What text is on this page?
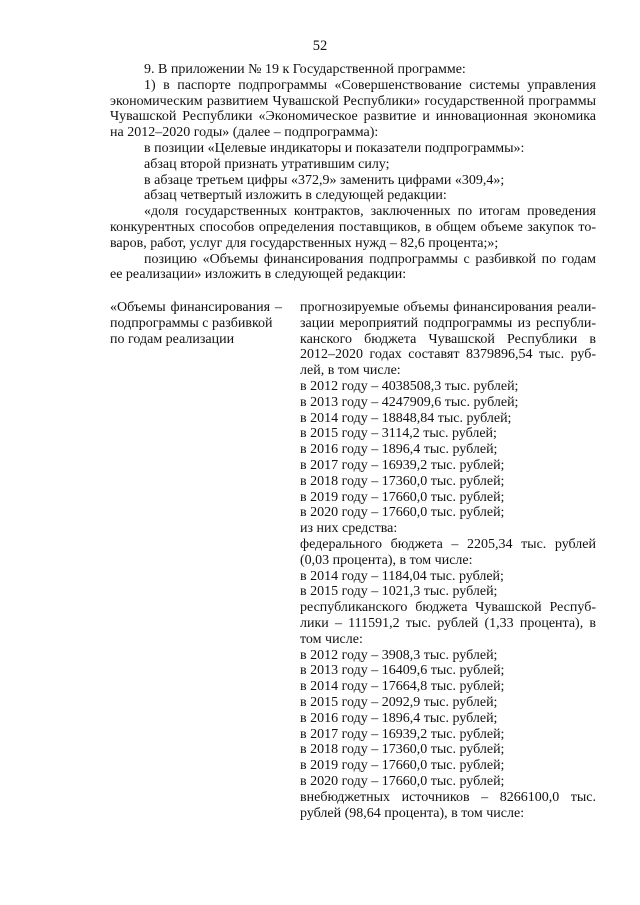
52

9. В приложении № 19 к Государственной программе:

1) в паспорте подпрограммы «Совершенствование системы управления

экономическим развитием Чувашской Республики» государственной программы

Чувашской Республики «Экономическое развитие и инновационная экономика

на 2012–2020 годы» (далее – подпрограмма):

в позиции «Целевые индикаторы и показатели подпрограммы»:

абзац второй признать утратившим силу;

в абзаце третьем цифры «372,9» заменить цифрами «309,4»;

абзац четвертый изложить в следующей редакции:

«доля государственных контрактов, заключенных по итогам проведения

конкурентных способов определения поставщиков, в общем объеме закупок то-

варов, работ, услуг для государственных нужд – 82,6 процента;»;

позицию «Объемы финансирования подпрограммы с разбивкой по годам

ее реализации» изложить в следующей редакции:

«Объемы финансирования –
подпрограммы с разбивкой
по годам реализации
прогнозируемые объемы финансирования реали-
зации мероприятий подпрограммы из республи-
канского бюджета Чувашской Республики в
2012–2020 годах составят 8379896,54 тыс. руб-
лей, в том числе:
в 2012 году – 4038508,3 тыс. рублей;
в 2013 году – 4247909,6 тыс. рублей;
в 2014 году – 18848,84 тыс. рублей;
в 2015 году – 3114,2 тыс. рублей;
в 2016 году – 1896,4 тыс. рублей;
в 2017 году – 16939,2 тыс. рублей;
в 2018 году – 17360,0 тыс. рублей;
в 2019 году – 17660,0 тыс. рублей;
в 2020 году – 17660,0 тыс. рублей;
из них средства:
федерального бюджета – 2205,34 тыс. рублей
(0,03 процента), в том числе:
в 2014 году – 1184,04 тыс. рублей;
в 2015 году – 1021,3 тыс. рублей;
республиканского бюджета Чувашской Респуб-
лики – 111591,2 тыс. рублей (1,33 процента), в
том числе:
в 2012 году – 3908,3 тыс. рублей;
в 2013 году – 16409,6 тыс. рублей;
в 2014 году – 17664,8 тыс. рублей;
в 2015 году – 2092,9 тыс. рублей;
в 2016 году – 1896,4 тыс. рублей;
в 2017 году – 16939,2 тыс. рублей;
в 2018 году – 17360,0 тыс. рублей;
в 2019 году – 17660,0 тыс. рублей;
в 2020 году – 17660,0 тыс. рублей;
внебюджетных источников – 8266100,0 тыс.
рублей (98,64 процента), в том числе:
